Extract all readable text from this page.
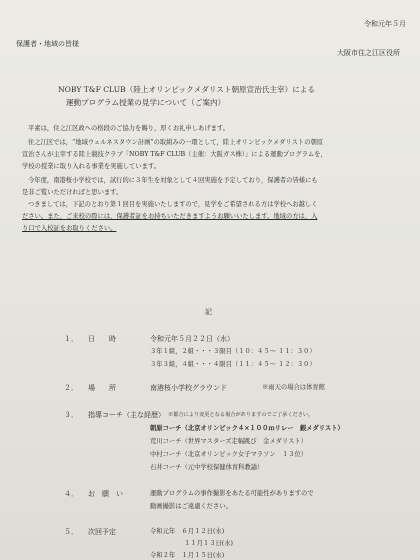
令和元年５月
保護者・地域の皆様
大阪市住之江区役所
NOBY T&F CLUB（陸上オリンピックメダリスト朝原宣治氏主宰）による
運動プログラム授業の見学について（ご案内）
平素は，住之江区政への格段のご協力を賜り，厚くお礼申しあげます。
住之江区では，“地域ウェルネスタウン計画”の取組みの一環として，陸上オリンピックメダリストの朝原
宣治さんが主宰する陸上競技クラブ「NOBY T&F CLUB（主催：大阪ガス株）」による運動プログラムを，
学校の授業に取り入れる事業を実施しています。
今年度，南港桜小学校では，試行的に３年生を対象として４回実施を予定しており，保護者の皆様にも
是非ご覧いただければと思います。
つきましては，下記のとおり第１回目を実施いたしますので，見学をご希望される方は学校へお越しく
ださい。また，ご来校の際には，保護者証をお持ちいただきますようお願いいたします。地域の方は，入
り口で入校証をお取りください。
記
１． 日　　時	令和元年５月２２日（水）
３年１組，２組・・・３限目（１０：４５～ １１：３０）
３年３組，４組・・・４限目（１１：４５～ １２：３０）
２． 場　　所	南港桜小学校グラウンド	※雨天の場合は体育館
３． 指導コーチ（主な経歴） ※都合により変更となる場合がありますのでご了承ください。
朝原コーチ（北京オリンピック４×１００ｍリレー　銀メダリスト）
荒川コーチ（世界マスターズ走幅跳び　金メダリスト）
中村コーチ（北京オリンピック女子マラソン　１３位）
石井コーチ（元中学校保健体育科教諭）
４． お　願　い	運動プログラムの事作撮影をあたる可能性がありますので
動画撮影はご遠慮ください。
５． 次回予定	令和元年　６月１２日(水)
１１月１３日(水)
令和２年　１月１５日(水)
